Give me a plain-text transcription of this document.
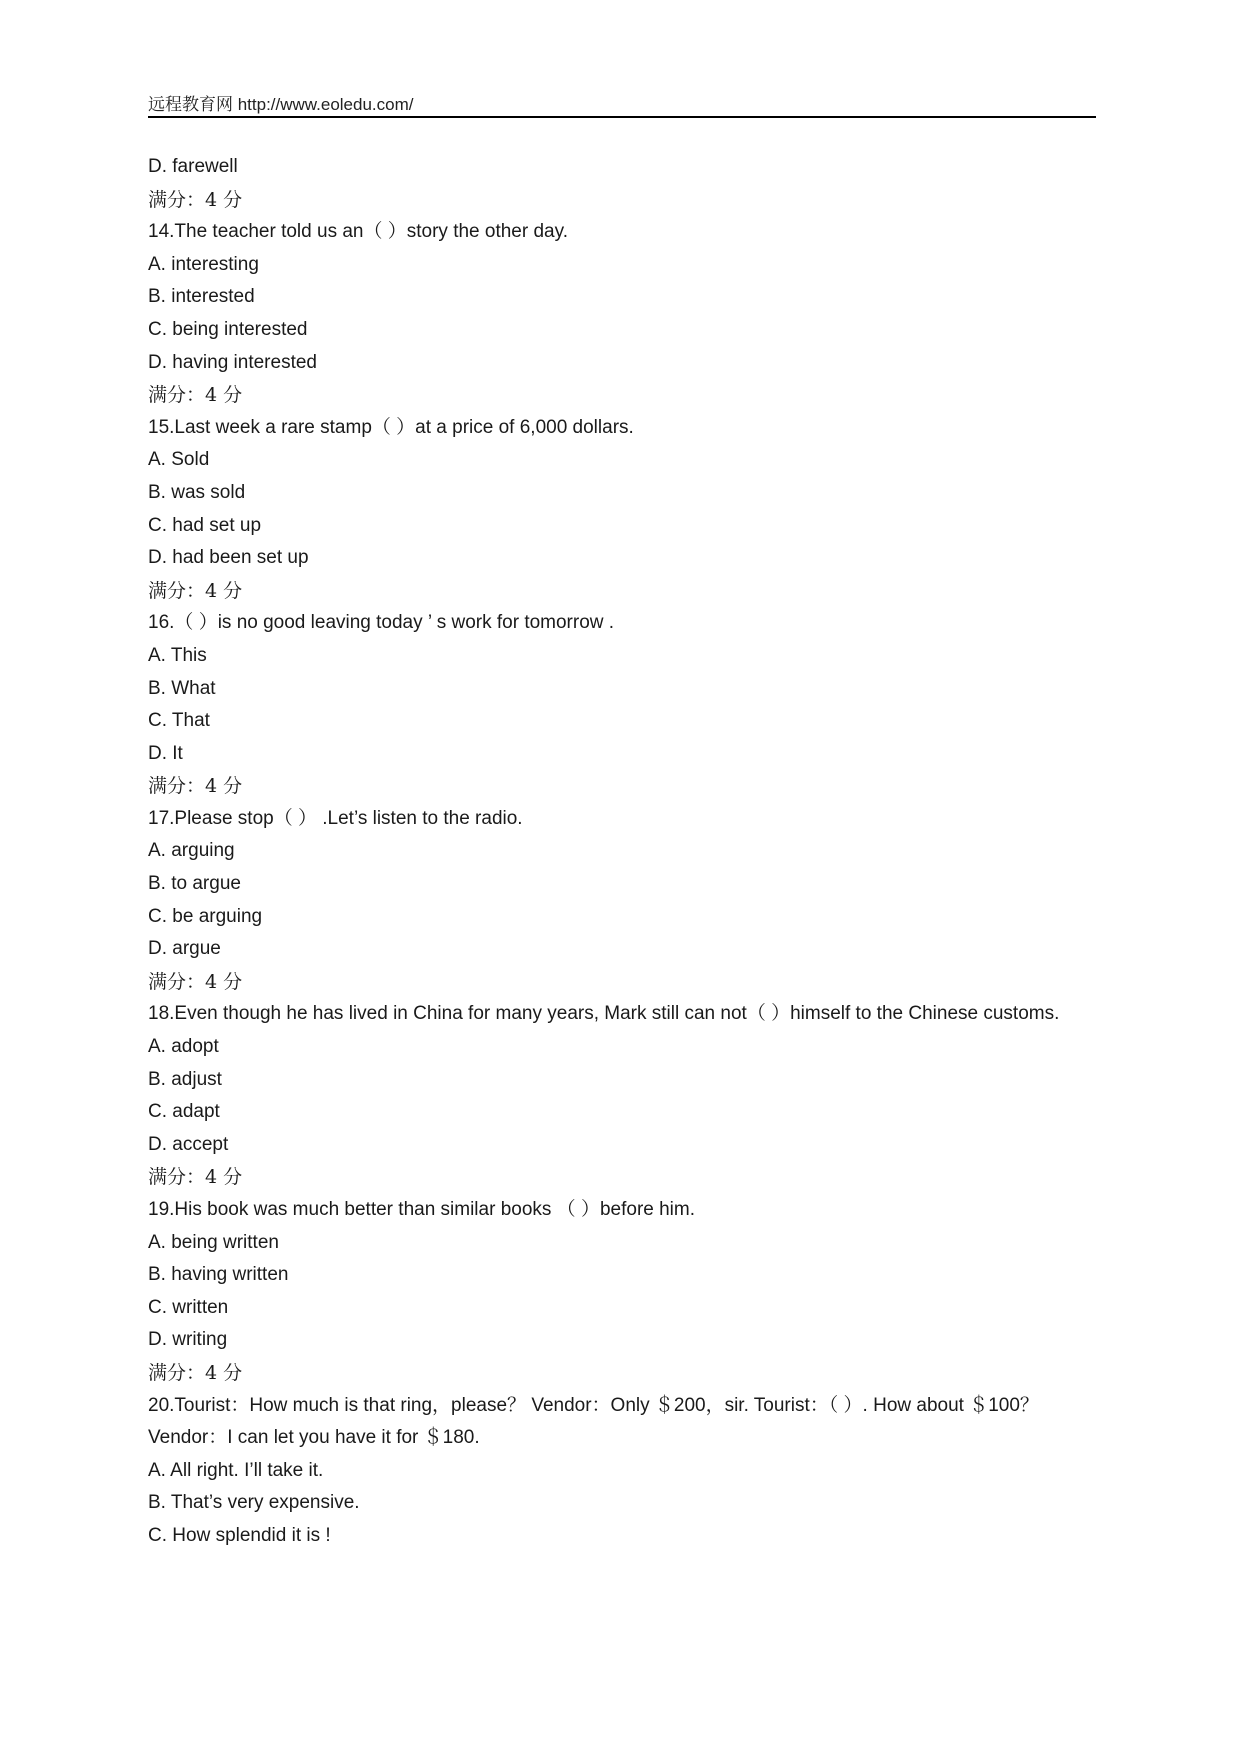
远程教育网 http://www.eoledu.com/
D. farewell
满分：4 分
14.The teacher told us an（ ）story the other day.
A. interesting
B. interested
C. being interested
D. having interested
满分：4 分
15.Last week a rare stamp（ ）at a price of 6,000 dollars.
A. Sold
B. was sold
C. had set up
D. had been set up
满分：4 分
16.（ ）is no good leaving today ’ s work for tomorrow .
A. This
B. What
C. That
D. It
满分：4 分
17.Please stop（ ） .Let’s listen to the radio.
A. arguing
B. to argue
C. be arguing
D. argue
满分：4 分
18.Even though he has lived in China for many years, Mark still can not（ ）himself to the Chinese customs.
A. adopt
B. adjust
C. adapt
D. accept
满分：4 分
19.His book was much better than similar books （ ）before him.
A. being written
B. having written
C. written
D. writing
满分：4 分
20.Tourist：How much is that ring，please？ Vendor：Only ＄200，sir. Tourist：（ ）. How about ＄100？ Vendor：I can let you have it for ＄180.
A. All right. I’ll take it.
B. That’s very expensive.
C. How splendid it is !
